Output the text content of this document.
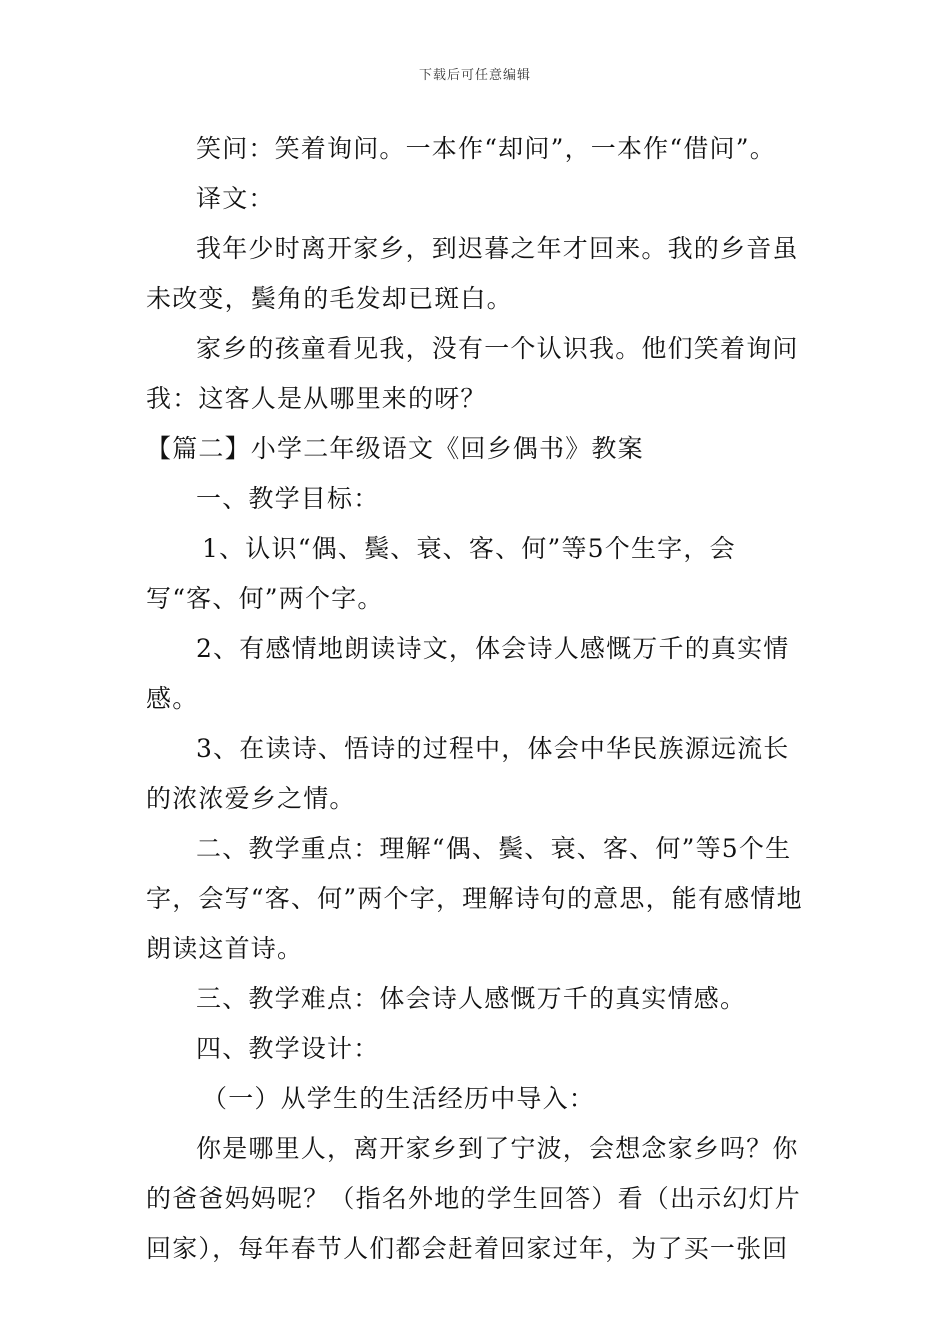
下载后可任意编辑

笑问：笑着询问。一本作“却问”，一本作“借问”。

译文：

我年少时离开家乡，到迟暮之年才回来。我的乡音虽未改变，鬓角的毛发却已斑白。

家乡的孩童看见我，没有一个认识我。他们笑着询问我：这客人是从哪里来的呀？

【篇二】小学二年级语文《回乡偶书》教案

一、教学目标：

1、认识“偶、鬓、衰、客、何”等5个生字，会写“客、何”两个字。

2、有感情地朗读诗文，体会诗人感慨万千的真实情感。

3、在读诗、悟诗的过程中，体会中华民族源远流长的浓浓爱乡之情。

二、教学重点：理解“偶、鬓、衰、客、何”等5个生字，会写“客、何”两个字，理解诗句的意思，能有感情地朗读这首诗。

三、教学难点：体会诗人感慨万千的真实情感。

四、教学设计：

（一）从学生的生活经历中导入：

你是哪里人，离开家乡到了宁波，会想念家乡吗？你的爸爸妈妈呢？（指名外地的学生回答）看（出示幻灯片回家），每年春节人们都会赶着回家过年，为了买一张回
